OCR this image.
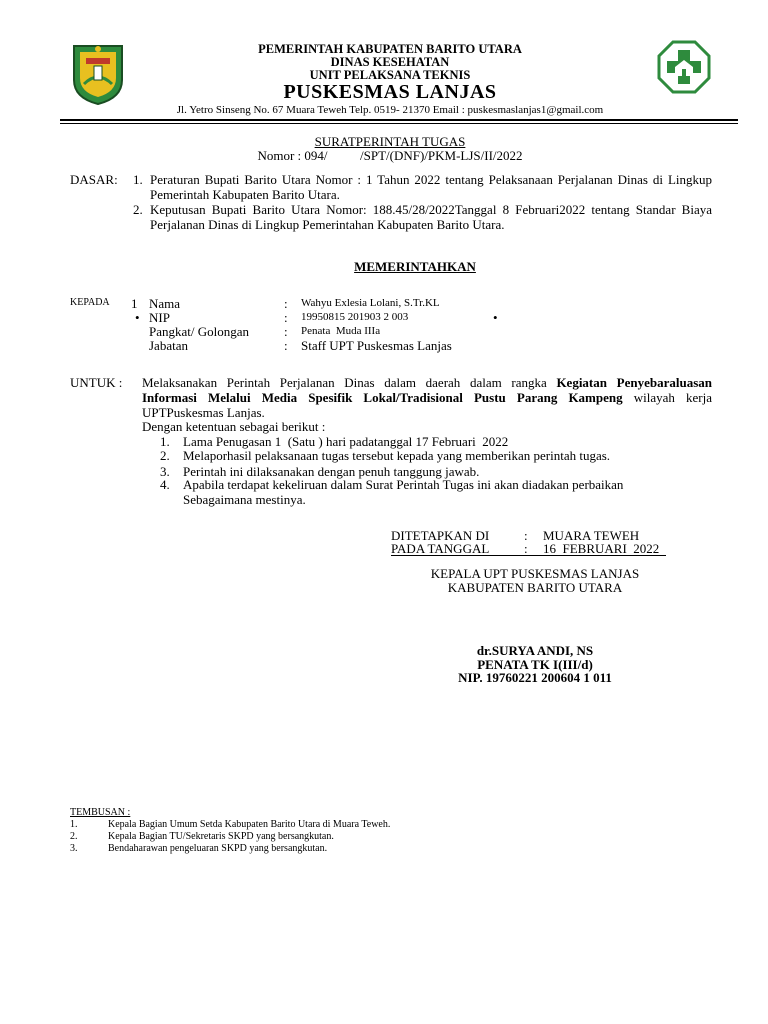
PEMERINTAH KABUPATEN BARITO UTARA
DINAS KESEHATAN
UNIT PELAKSANA TEKNIS
PUSKESMAS LANJAS
Jl. Yetro Sinseng No. 67 Muara Teweh Telp. 0519- 21370 Email : puskesmaslanjas1@gmail.com
SURATPERINTAH TUGAS
Nomor : 094/          /SPT/(DNF)/PKM-LJS/II/2022
DASAR: 1. Peraturan Bupati Barito Utara Nomor : 1 Tahun 2022 tentang Pelaksanaan Perjalanan Dinas di Lingkup Pemerintah Kabupaten Barito Utara.
2. Keputusan Bupati Barito Utara Nomor: 188.45/28/2022Tanggal 8 Februari2022 tentang Standar Biaya Perjalanan Dinas di Lingkup Pemerintahan Kabupaten Barito Utara.
MEMERINTAHKAN
KEPADA 1
•	•
Nama	: Wahyu Exlesia Lolani, S.Tr.KL
NIP	: 19950815 201903 2 003
Pangkat/ Golongan	: Penata  Muda IIIa
Jabatan	: Staff UPT Puskesmas Lanjas
UNTUK : Melaksanakan Perintah Perjalanan Dinas dalam daerah dalam rangka Kegiatan Penyebaraluasan Informasi Melalui Media Spesifik Lokal/Tradisional Pustu Parang Kampeng wilayah kerja UPTPuskesmas Lanjas.
Dengan ketentuan sebagai berikut :
1. Lama Penugasan 1  (Satu ) hari padatanggal 17 Februari  2022
2. Melaporhasil pelaksanaan tugas tersebut kepada yang memberikan perintah tugas.
3. Perintah ini dilaksanakan dengan penuh tanggung jawab.
4. Apabila terdapat kekeliruan dalam Surat Perintah Tugas ini akan diadakan perbaikan Sebagaimana mestinya.
DITETAPKAN DI	: MUARA TEWEH
PADA TANGGAL	: 16  FEBRUARI  2022
KEPALA UPT PUSKESMAS LANJAS
KABUPATEN BARITO UTARA
dr.SURYA ANDI, NS
PENATA TK I(III/d)
NIP. 19760221 200604 1 011
TEMBUSAN :
1.	Kepala Bagian Umum Setda Kabupaten Barito Utara di Muara Teweh.
2.	Kepala Bagian TU/Sekretaris SKPD yang bersangkutan.
3.	Bendaharawan pengeluaran SKPD yang bersangkutan.
